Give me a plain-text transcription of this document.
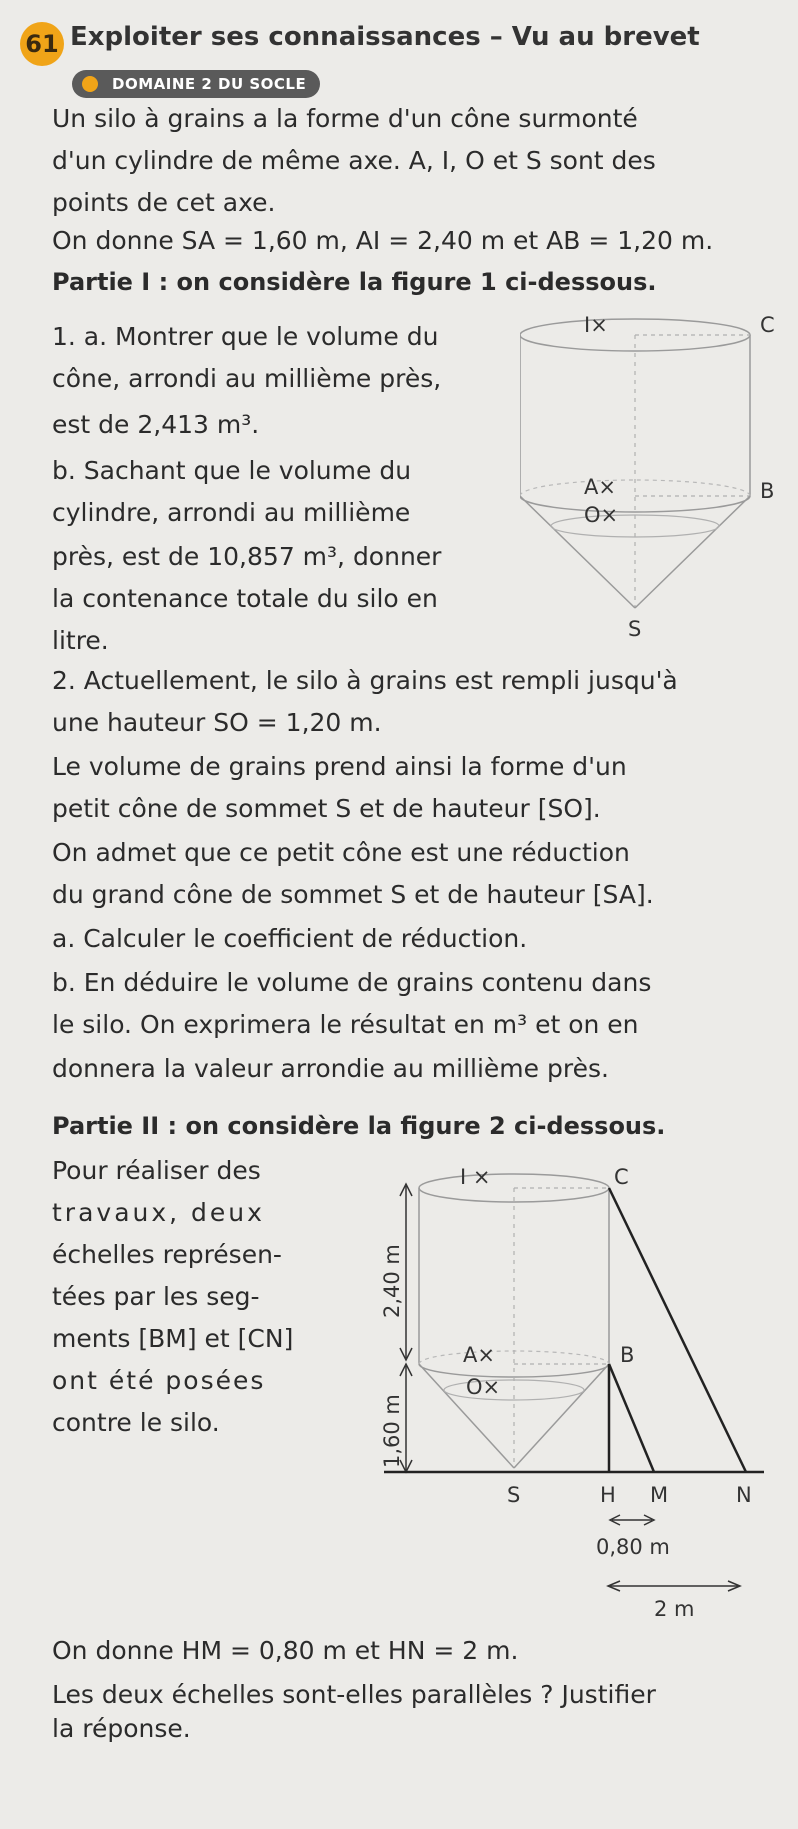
61 Exploiter ses connaissances – Vu au brevet
DOMAINE 2 DU SOCLE
Un silo à grains a la forme d'un cône surmonté
d'un cylindre de même axe. A, I, O et S sont des
points de cet axe.
On donne SA = 1,60 m, AI = 2,40 m et AB = 1,20 m.
Partie I : on considère la figure 1 ci-dessous.
1. a. Montrer que le volume du
cône, arrondi au millième près,
est de 2,413 m³.
b. Sachant que le volume du
cylindre, arrondi au millième
près, est de 10,857 m³, donner
la contenance totale du silo en
litre.
I×	C
A×	B
O×
S
2. Actuellement, le silo à grains est rempli jusqu'à
une hauteur SO = 1,20 m.
Le volume de grains prend ainsi la forme d'un
petit cône de sommet S et de hauteur [SO].
On admet que ce petit cône est une réduction
du grand cône de sommet S et de hauteur [SA].
a. Calculer le coefficient de réduction.
b. En déduire le volume de grains contenu dans
le silo. On exprimera le résultat en m³ et on en
donnera la valeur arrondie au millième près.
Partie II : on considère la figure 2 ci-dessous.
Pour réaliser des
travaux, deux
échelles représen-
tées par les seg-
ments [BM] et [CN]
ont été posées
contre le silo.
2,40 m
1,60 m
I ×	C
A×	B
O×
S	H M	N
0,80 m
2 m
On donne HM = 0,80 m et HN = 2 m.
Les deux échelles sont-elles parallèles ? Justifier
la réponse.
